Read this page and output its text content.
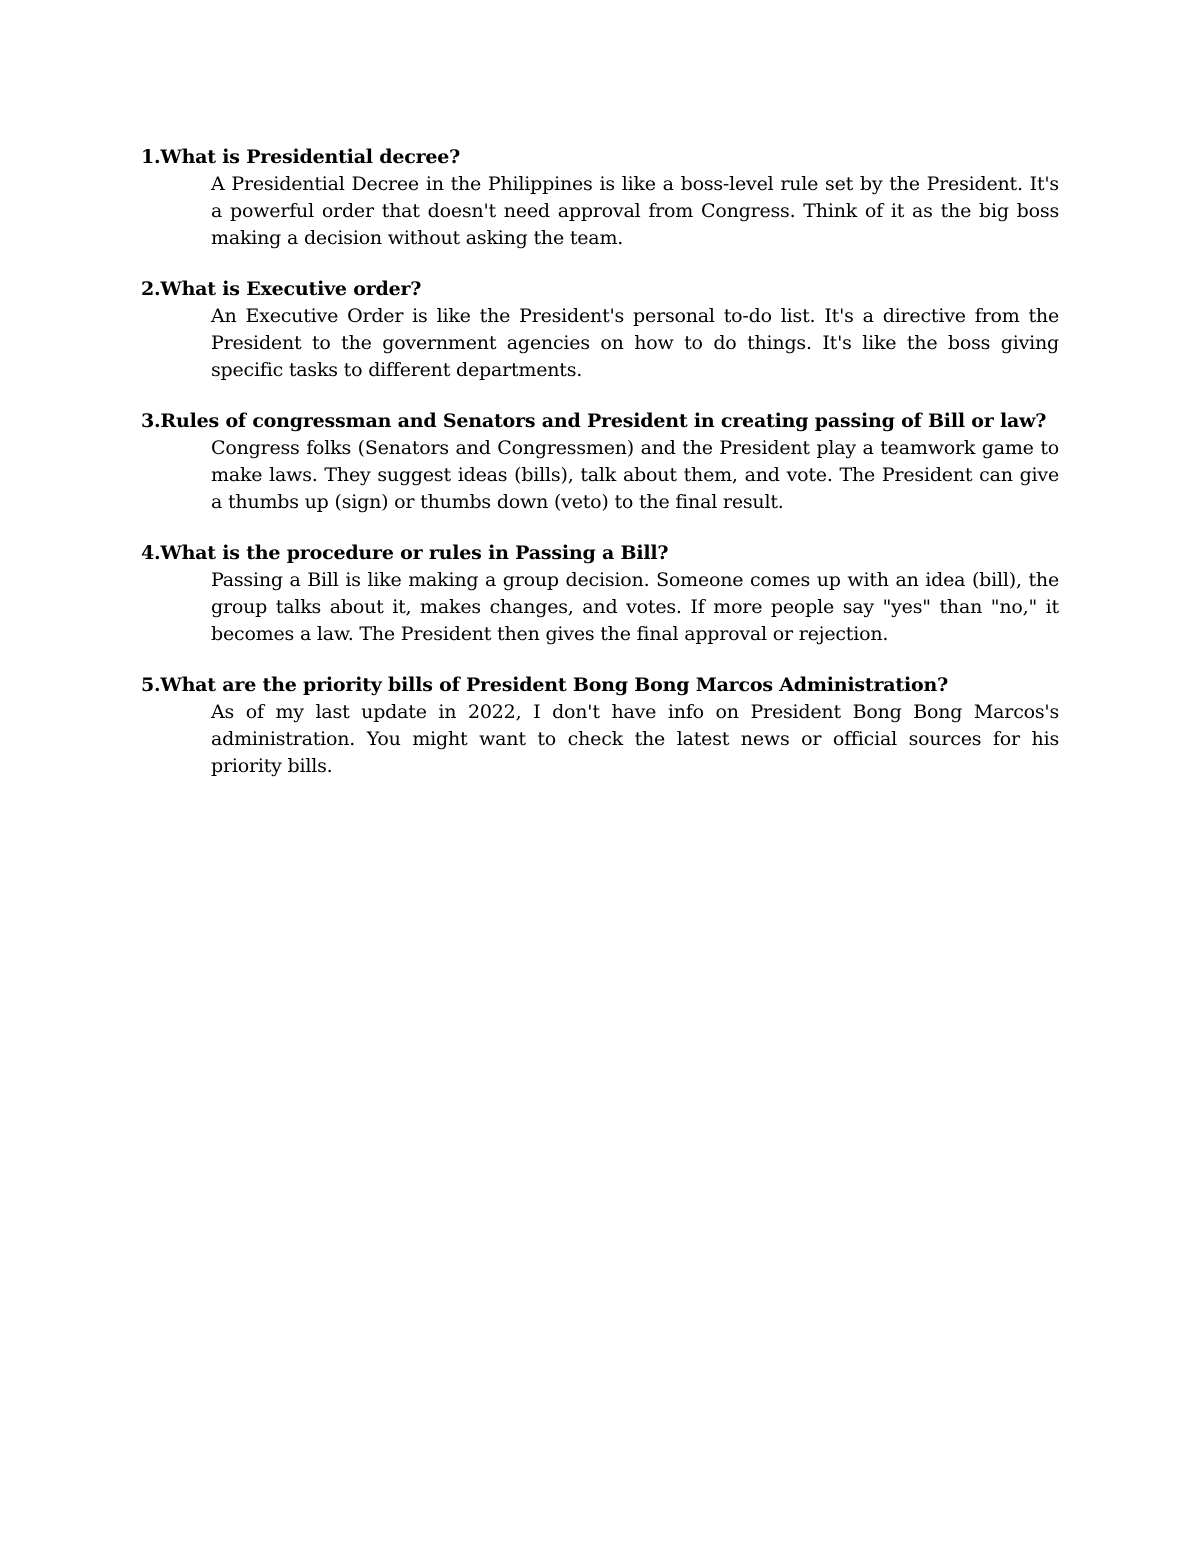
1.What is Presidential decree?

A Presidential Decree in the Philippines is like a boss-level rule set by the President. It's a powerful order that doesn't need approval from Congress. Think of it as the big boss making a decision without asking the team.

2.What is Executive order?

An Executive Order is like the President's personal to-do list. It's a directive from the President to the government agencies on how to do things. It's like the boss giving specific tasks to different departments.

3.Rules of congressman and Senators and President in creating passing of Bill or law?

Congress folks (Senators and Congressmen) and the President play a teamwork game to make laws. They suggest ideas (bills), talk about them, and vote. The President can give a thumbs up (sign) or thumbs down (veto) to the final result.

4.What is the procedure or rules in Passing a Bill?

Passing a Bill is like making a group decision. Someone comes up with an idea (bill), the group talks about it, makes changes, and votes. If more people say "yes" than "no," it becomes a law. The President then gives the final approval or rejection.

5.What are the priority bills of President Bong Bong Marcos Administration?

As of my last update in 2022, I don't have info on President Bong Bong Marcos's administration. You might want to check the latest news or official sources for his priority bills.
